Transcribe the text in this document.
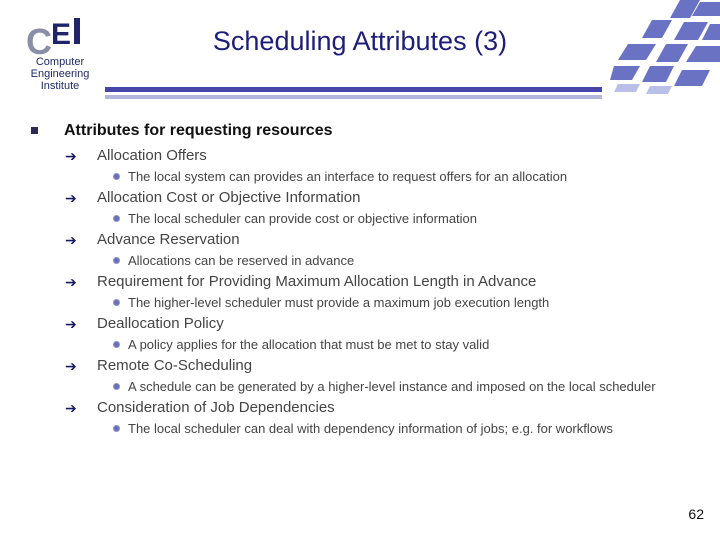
C E
Computer
Engineering
Institute
Scheduling Attributes (3)
Attributes for requesting resources
➔ Allocation Offers
The local system can provides an interface to request offers for an allocation
➔ Allocation Cost or Objective Information
The local scheduler can provide cost or objective information
➔ Advance Reservation
Allocations can be reserved in advance
➔ Requirement for Providing Maximum Allocation Length in Advance
The higher-level scheduler must provide a maximum job execution length
➔ Deallocation Policy
A policy applies for the allocation that must be met to stay valid
➔ Remote Co-Scheduling
A schedule can be generated by a higher-level instance and imposed on the local scheduler
➔ Consideration of Job Dependencies
The local scheduler can deal with dependency information of jobs; e.g. for workflows
62
